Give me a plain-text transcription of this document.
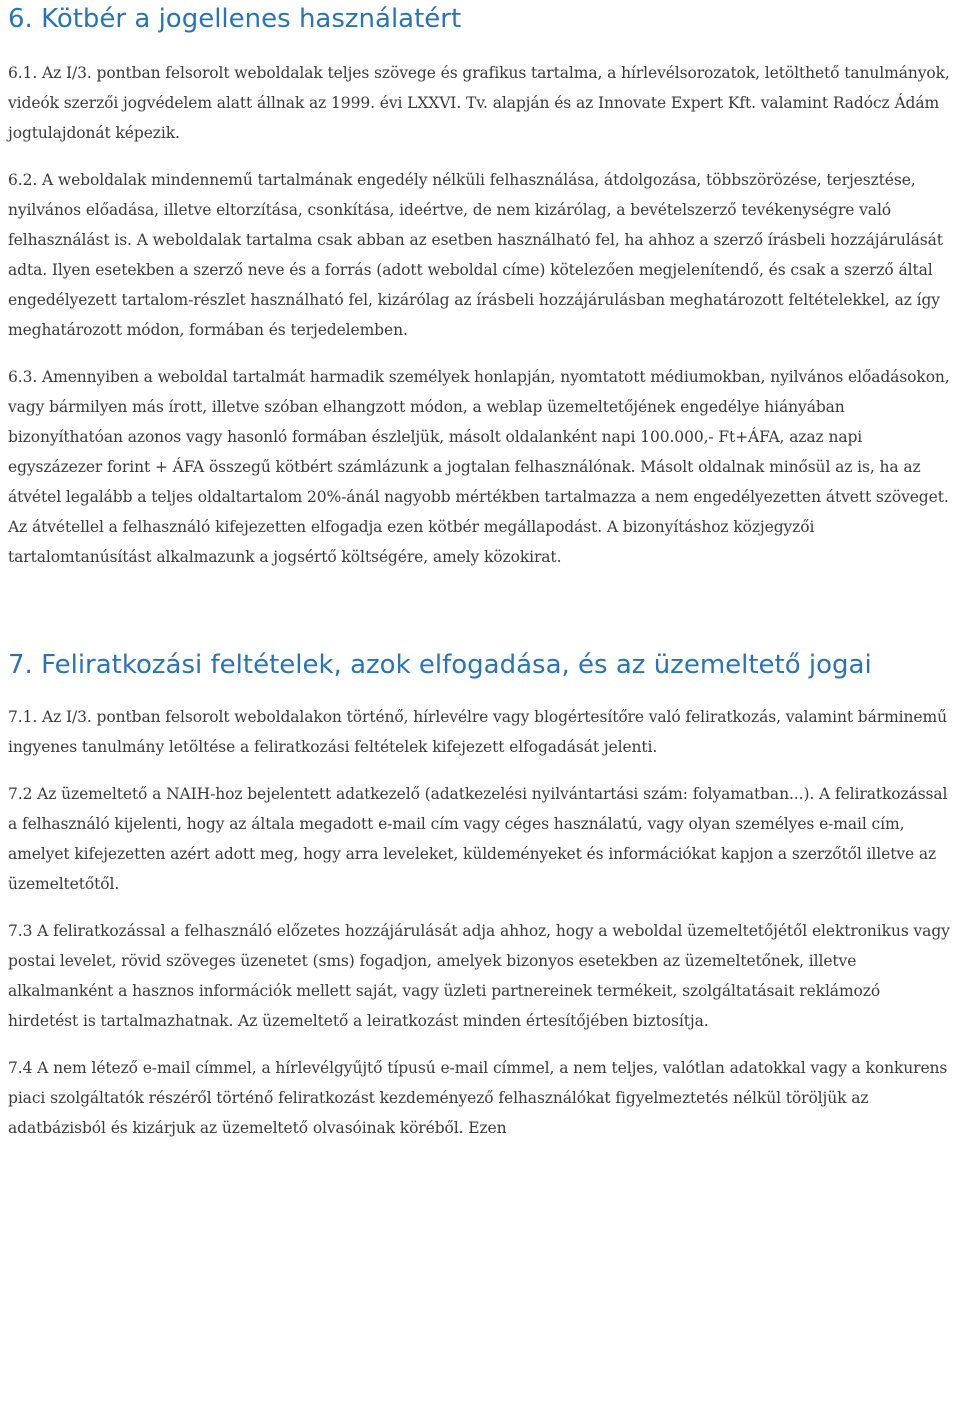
6. Kötbér a jogellenes használatért

6.1. Az I/3. pontban felsorolt weboldalak teljes szövege és grafikus tartalma, a hírlevélsorozatok, letölthető tanulmányok, videók szerzői jogvédelem alatt állnak az 1999. évi LXXVI. Tv. alapján és az Innovate Expert Kft. valamint Radócz Ádám jogtulajdonát képezik.

6.2. A weboldalak mindennemű tartalmának engedély nélküli felhasználása, átdolgozása, többszörözése, terjesztése, nyilvános előadása, illetve eltorzítása, csonkítása, ideértve, de nem kizárólag, a bevételszerző tevékenységre való felhasználást is. A weboldalak tartalma csak abban az esetben használható fel, ha ahhoz a szerző írásbeli hozzájárulását adta. Ilyen esetekben a szerző neve és a forrás (adott weboldal címe) kötelezően megjelenítendő, és csak a szerző által engedélyezett tartalom-részlet használható fel, kizárólag az írásbeli hozzájárulásban meghatározott feltételekkel, az így meghatározott módon, formában és terjedelemben.

6.3. Amennyiben a weboldal tartalmát harmadik személyek honlapján, nyomtatott médiumokban, nyilvános előadásokon, vagy bármilyen más írott, illetve szóban elhangzott módon, a weblap üzemeltetőjének engedélye hiányában bizonyíthatóan azonos vagy hasonló formában észleljük, másolt oldalanként napi 100.000,- Ft+ÁFA, azaz napi egyszázezer forint + ÁFA összegű kötbért számlázunk a jogtalan felhasználónak. Másolt oldalnak minősül az is, ha az átvétel legalább a teljes oldaltartalom 20%-ánál nagyobb mértékben tartalmazza a nem engedélyezetten átvett szöveget. Az átvétellel a felhasználó kifejezetten elfogadja ezen kötbér megállapodást. A bizonyításhoz közjegyzői tartalomtanúsítást alkalmazunk a jogsértő költségére, amely közokirat.

7. Feliratkozási feltételek, azok elfogadása, és az üzemeltető jogai

7.1. Az I/3. pontban felsorolt weboldalakon történő, hírlevélre vagy blogértesítőre való feliratkozás, valamint bárminemű ingyenes tanulmány letöltése a feliratkozási feltételek kifejezett elfogadását jelenti.

7.2 Az üzemeltető a NAIH-hoz bejelentett adatkezelő (adatkezelési nyilvántartási szám: folyamatban...). A feliratkozással a felhasználó kijelenti, hogy az általa megadott e-mail cím vagy céges használatú, vagy olyan személyes e-mail cím, amelyet kifejezetten azért adott meg, hogy arra leveleket, küldeményeket és információkat kapjon a szerzőtől illetve az üzemeltetőtől.

7.3 A feliratkozással a felhasználó előzetes hozzájárulását adja ahhoz, hogy a weboldal üzemeltetőjétől elektronikus vagy postai levelet, rövid szöveges üzenetet (sms) fogadjon, amelyek bizonyos esetekben az üzemeltetőnek, illetve alkalmanként a hasznos információk mellett saját, vagy üzleti partnereinek termékeit, szolgáltatásait reklámozó hirdetést is tartalmazhatnak. Az üzemeltető a leiratkozást minden értesítőjében biztosítja.

7.4 A nem létező e-mail címmel, a hírlevélgyűjtő típusú e-mail címmel, a nem teljes, valótlan adatokkal vagy a konkurens piaci szolgáltatók részéről történő feliratkozást kezdeményező felhasználókat figyelmeztetés nélkül töröljük az adatbázisból és kizárjuk az üzemeltető olvasóinak köréből. Ezen
